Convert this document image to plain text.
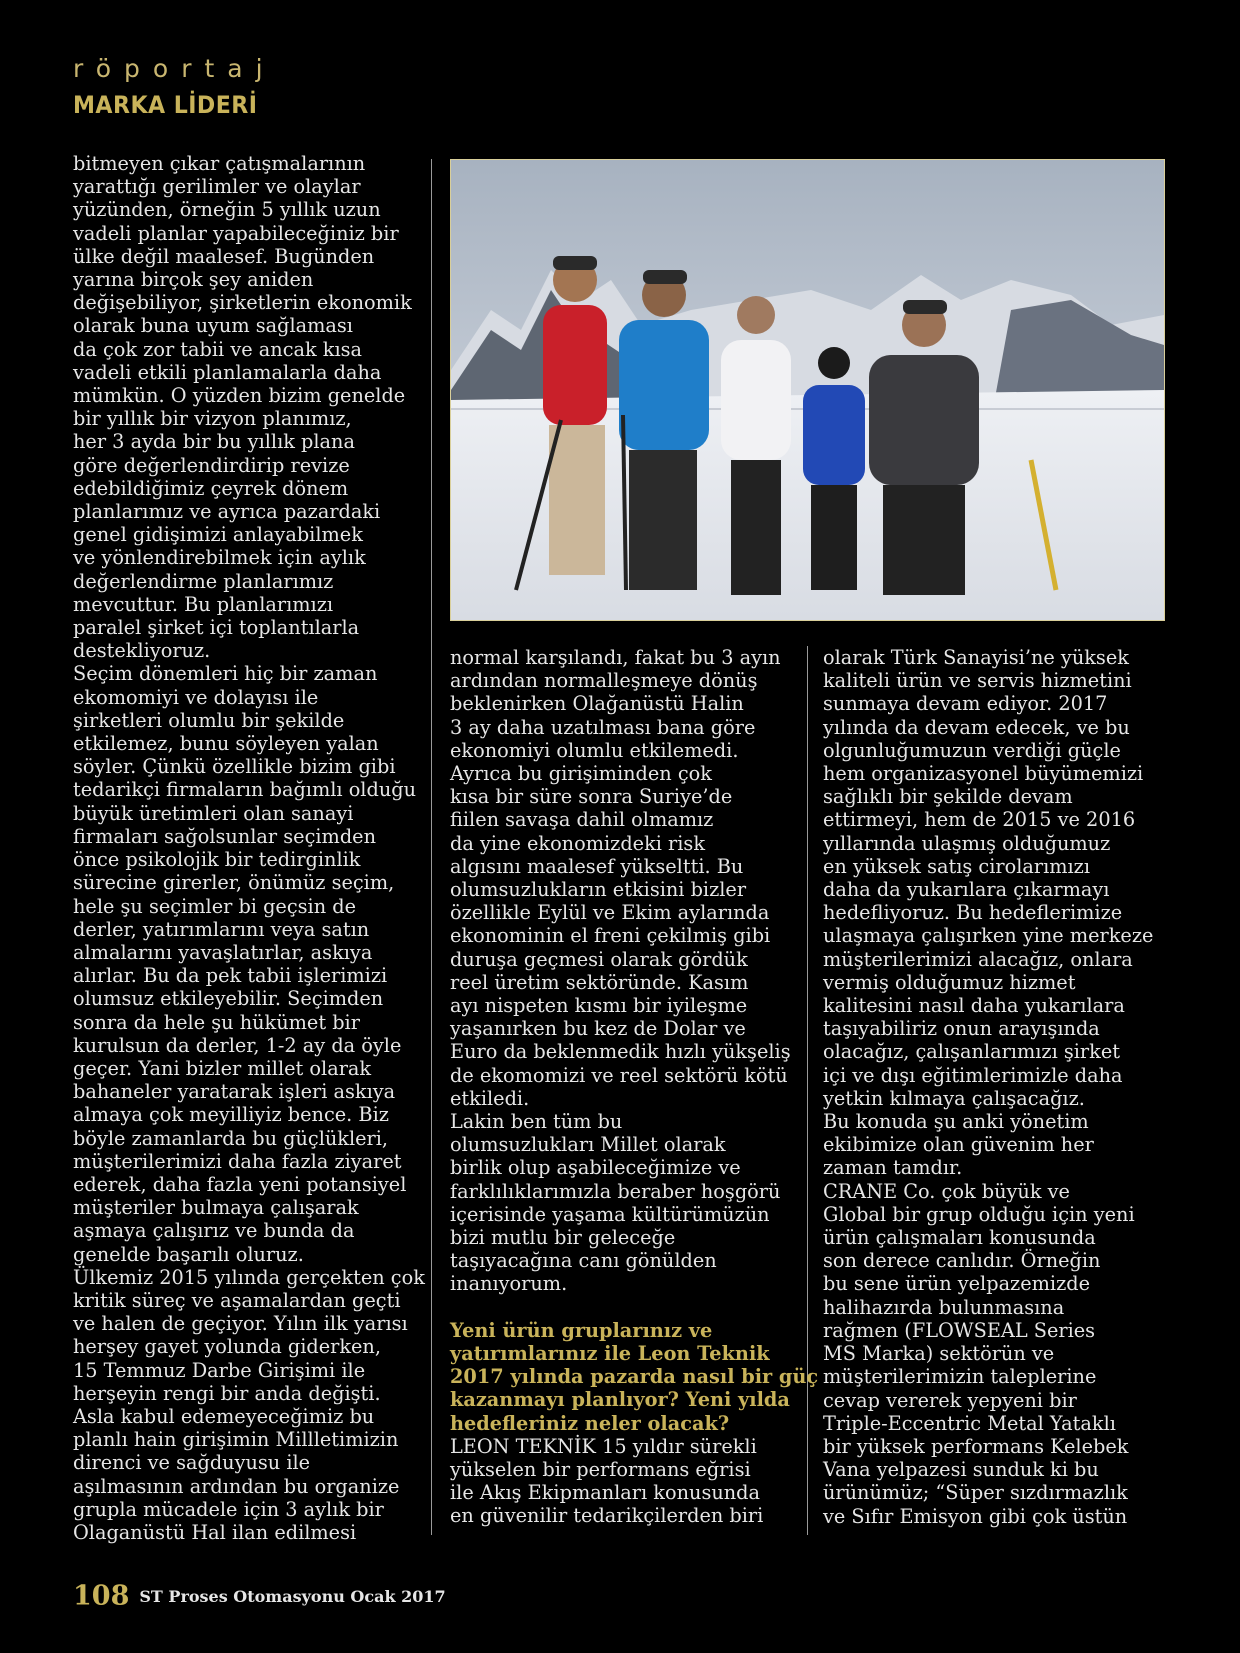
röportaj
MARKA LİDERİ

bitmeyen çıkar çatışmalarının

yarattığı gerilimler ve olaylar

yüzünden, örneğin 5 yıllık uzun

vadeli planlar yapabileceğiniz bir

ülke değil maalesef. Bugünden

yarına birçok şey aniden

değişebiliyor, şirketlerin ekonomik

olarak buna uyum sağlaması

da çok zor tabii ve ancak kısa

vadeli etkili planlamalarla daha

mümkün. O yüzden bizim genelde

bir yıllık bir vizyon planımız,

her 3 ayda bir bu yıllık plana

göre değerlendirdirip revize

edebildiğimiz çeyrek dönem

planlarımız ve ayrıca pazardaki

genel gidişimizi anlayabilmek

ve yönlendirebilmek için aylık

değerlendirme planlarımız

mevcuttur. Bu planlarımızı

paralel şirket içi toplantılarla

destekliyoruz.

Seçim dönemleri hiç bir zaman

ekomomiyi ve dolayısı ile

şirketleri olumlu bir şekilde

etkilemez, bunu söyleyen yalan

söyler. Çünkü özellikle bizim gibi

tedarikçi firmaların bağımlı olduğu

büyük üretimleri olan sanayi

firmaları sağolsunlar seçimden

önce psikolojik bir tedirginlik

sürecine girerler, önümüz seçim,

hele şu seçimler bi geçsin de

derler, yatırımlarını veya satın

almalarını yavaşlatırlar, askıya

alırlar. Bu da pek tabii işlerimizi

olumsuz etkileyebilir. Seçimden

sonra da hele şu hükümet bir

kurulsun da derler, 1-2 ay da öyle

geçer. Yani bizler millet olarak

bahaneler yaratarak işleri askıya

almaya çok meyilliyiz bence. Biz

böyle zamanlarda bu güçlükleri,

müşterilerimizi daha fazla ziyaret

ederek, daha fazla yeni potansiyel

müşteriler bulmaya çalışarak

aşmaya çalışırız ve bunda da

genelde başarılı oluruz.

Ülkemiz 2015 yılında gerçekten çok

kritik süreç ve aşamalardan geçti

ve halen de geçiyor. Yılın ilk yarısı

herşey gayet yolunda giderken,

15 Temmuz Darbe Girişimi ile

herşeyin rengi bir anda değişti.

Asla kabul edemeyeceğimiz bu

planlı hain girişimin Millletimizin

direnci ve sağduyusu ile

aşılmasının ardından bu organize

grupla mücadele için 3 aylık bir

Olaganüstü Hal ilan edilmesi

normal karşılandı, fakat bu 3 ayın

ardından normalleşmeye dönüş

beklenirken Olağanüstü Halin

3 ay daha uzatılması bana göre

ekonomiyi olumlu etkilemedi.

Ayrıca bu girişiminden çok

kısa bir süre sonra Suriye’de

fiilen savaşa dahil olmamız

da yine ekonomizdeki risk

algısını maalesef yükseltti. Bu

olumsuzlukların etkisini bizler

özellikle Eylül ve Ekim aylarında

ekonominin el freni çekilmiş gibi

duruşa geçmesi olarak gördük

reel üretim sektöründe. Kasım

ayı nispeten kısmı bir iyileşme

yaşanırken bu kez de Dolar ve

Euro da beklenmedik hızlı yükşeliş

de ekomomizi ve reel sektörü kötü

etkiledi.

Lakin ben tüm bu

olumsuzlukları Millet olarak

birlik olup aşabileceğimize ve

farklılıklarımızla beraber hoşgörü

içerisinde yaşama kültürümüzün

bizi mutlu bir geleceğe

taşıyacağına canı gönülden

inanıyorum.

Yeni ürün gruplarınız ve

yatırımlarınız ile Leon Teknik

2017 yılında pazarda nasıl bir güç

kazanmayı planlıyor? Yeni yılda

hedefleriniz neler olacak?

LEON TEKNİK 15 yıldır sürekli

yükselen bir performans eğrisi

ile Akış Ekipmanları konusunda

en güvenilir tedarikçilerden biri

olarak Türk Sanayisi’ne yüksek

kaliteli ürün ve servis hizmetini

sunmaya devam ediyor. 2017

yılında da devam edecek, ve bu

olgunluğumuzun verdiği güçle

hem organizasyonel büyümemizi

sağlıklı bir şekilde devam

ettirmeyi, hem de 2015 ve 2016

yıllarında ulaşmış olduğumuz

en yüksek satış cirolarımızı

daha da yukarılara çıkarmayı

hedefliyoruz. Bu hedeflerimize

ulaşmaya çalışırken yine merkeze

müşterilerimizi alacağız, onlara

vermiş olduğumuz hizmet

kalitesini nasıl daha yukarılara

taşıyabiliriz onun arayışında

olacağız, çalışanlarımızı şirket

içi ve dışı eğitimlerimizle daha

yetkin kılmaya çalışacağız.

Bu konuda şu anki yönetim

ekibimize olan güvenim her

zaman tamdır.

CRANE Co. çok büyük ve

Global bir grup olduğu için yeni

ürün çalışmaları konusunda

son derece canlıdır. Örneğin

bu sene ürün yelpazemizde

halihazırda bulunmasına

rağmen (FLOWSEAL Series

MS Marka) sektörün ve

müşterilerimizin taleplerine

cevap vererek yepyeni bir

Triple-Eccentric Metal Yataklı

bir yüksek performans Kelebek

Vana yelpazesi sunduk ki bu

ürünümüz; “Süper sızdırmazlık

ve Sıfır Emisyon gibi çok üstün

108 ST Proses Otomasyonu Ocak 2017
